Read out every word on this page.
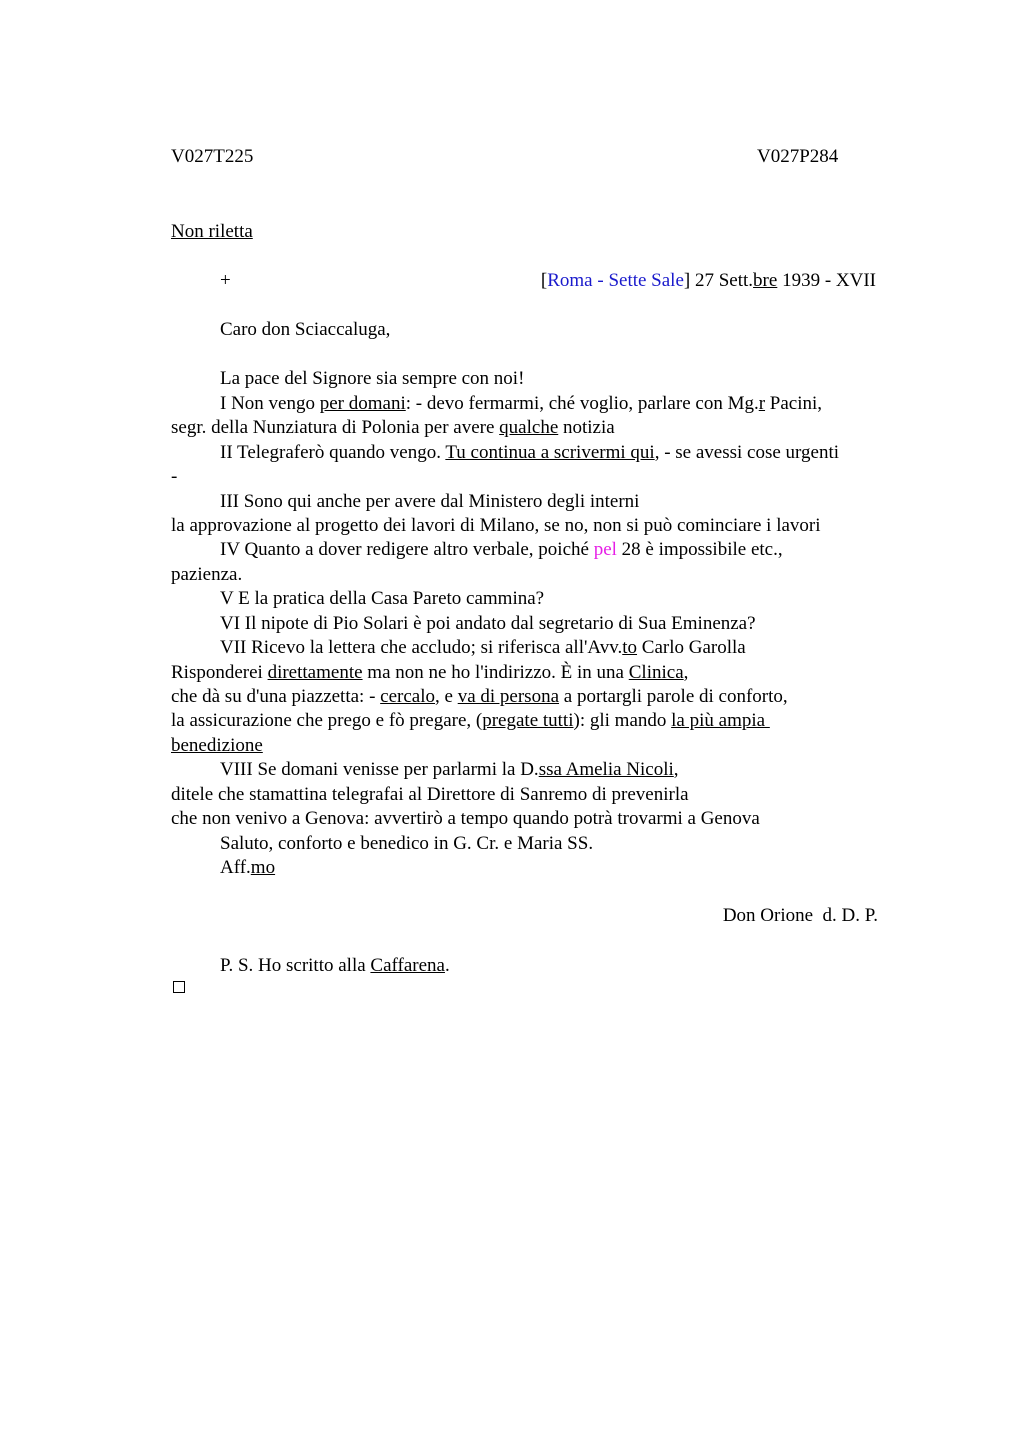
V027T225	V027P284
Non riletta
+	[Roma - Sette Sale] 27 Sett.bre 1939 - XVII
Caro don Sciaccaluga,
La pace del Signore sia sempre con noi!
I Non vengo per domani: - devo fermarmi, ché voglio, parlare con Mg.r Pacini,
segr. della Nunziatura di Polonia per avere qualche notizia
II Telegraferò quando vengo. Tu continua a scrivermi qui, - se avessi cose urgenti
-
III Sono qui anche per avere dal Ministero degli interni
la approvazione al progetto dei lavori di Milano, se no, non si può cominciare i lavori
IV Quanto a dover redigere altro verbale, poiché pel 28 è impossibile etc.,
pazienza.
V E la pratica della Casa Pareto cammina?
VI Il nipote di Pio Solari è poi andato dal segretario di Sua Eminenza?
VII Ricevo la lettera che accludo; si riferisca all'Avv.to Carlo Garolla
Risponderei direttamente ma non ne ho l'indirizzo. È in una Clinica,
che dà su d'una piazzetta: - cercalo, e va di persona a portargli parole di conforto,
la assicurazione che prego e fò pregare, (pregate tutti): gli mando la più ampia
benedizione
VIII Se domani venisse per parlarmi la D.ssa Amelia Nicoli,
ditele che stamattina telegrafai al Direttore di Sanremo di prevenirla
che non venivo a Genova: avvertirò a tempo quando potrà trovarmi a Genova
Saluto, conforto e benedico in G. Cr. e Maria SS.
Aff.mo
Don Orione  d. D. P.
P. S. Ho scritto alla Caffarena.
